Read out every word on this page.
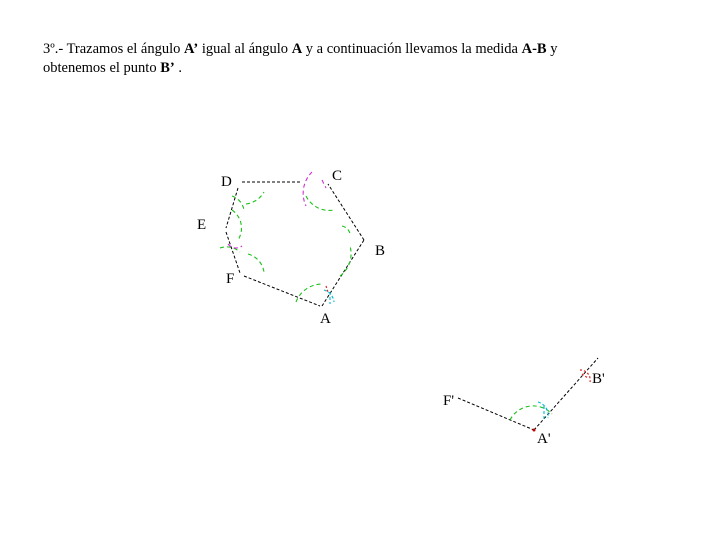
3º.- Trazamos el ángulo A’ igual al ángulo A y a continuación llevamos la medida A-B y
obtenemos el punto B’ .
A
B
C
D
E
F
A'
B'
F'
